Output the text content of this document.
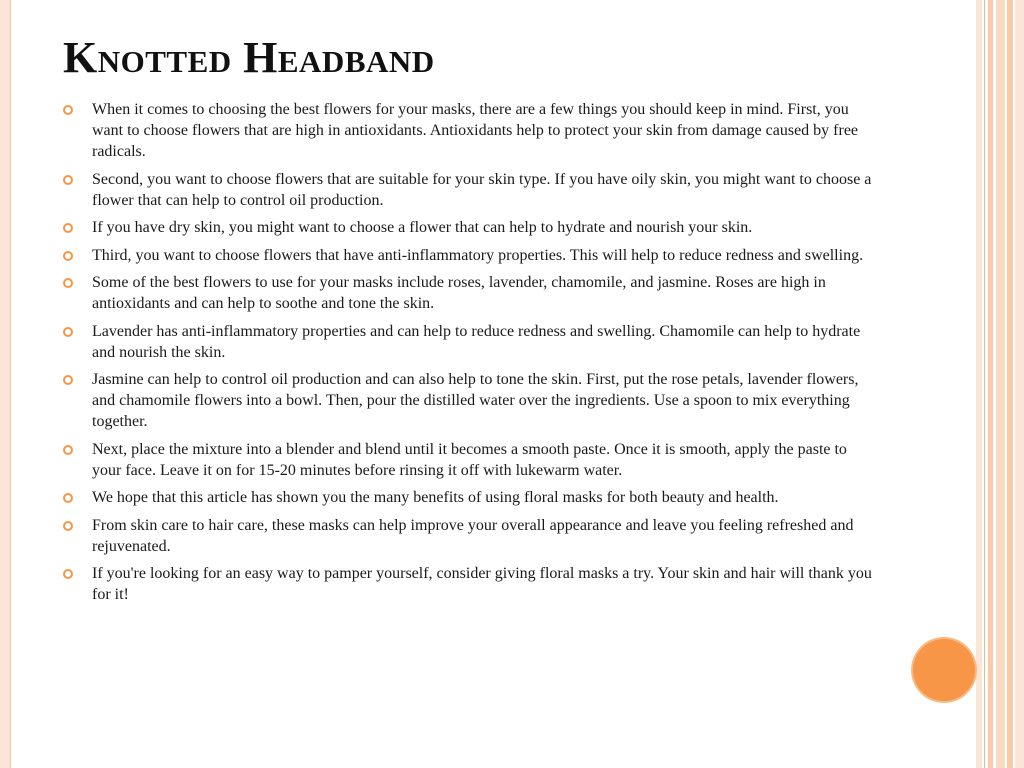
Knotted Headband
When it comes to choosing the best flowers for your masks, there are a few things you should keep in mind. First, you want to choose flowers that are high in antioxidants. Antioxidants help to protect your skin from damage caused by free radicals.
Second, you want to choose flowers that are suitable for your skin type. If you have oily skin, you might want to choose a flower that can help to control oil production.
If you have dry skin, you might want to choose a flower that can help to hydrate and nourish your skin.
Third, you want to choose flowers that have anti-inflammatory properties. This will help to reduce redness and swelling.
Some of the best flowers to use for your masks include roses, lavender, chamomile, and jasmine. Roses are high in antioxidants and can help to soothe and tone the skin.
Lavender has anti-inflammatory properties and can help to reduce redness and swelling. Chamomile can help to hydrate and nourish the skin.
Jasmine can help to control oil production and can also help to tone the skin. First, put the rose petals, lavender flowers, and chamomile flowers into a bowl. Then, pour the distilled water over the ingredients. Use a spoon to mix everything together.
Next, place the mixture into a blender and blend until it becomes a smooth paste. Once it is smooth, apply the paste to your face. Leave it on for 15-20 minutes before rinsing it off with lukewarm water.
We hope that this article has shown you the many benefits of using floral masks for both beauty and health.
From skin care to hair care, these masks can help improve your overall appearance and leave you feeling refreshed and rejuvenated.
If you're looking for an easy way to pamper yourself, consider giving floral masks a try. Your skin and hair will thank you for it!
